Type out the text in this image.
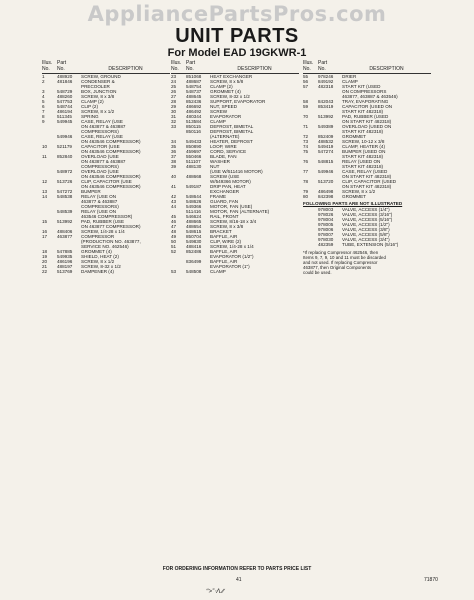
AppliancePartsPros.com
UNIT PARTS
For Model EAD 19GKWR-1
Illus. Part
No.	No.	DESCRIPTION
1	488920	SCREW, GROUND
2	481846	CONDENSER &
PRECOOLER
3	548729	BOX, JUNCTION
4	488260	SCREW, 8 x 3/8
5	547753	CLAMP (2)
6	548744	CLIP (2)
7	486194	SCREW, 8 x 1/2
8	511345	SPRING
9	549945	CASE, RELAY (USE
ON 463877 & 463887
COMPRESSORS)
549946	CASE, RELAY (USE
ON 463546 COMPRESSOR)
10	521179	CAPACITOR (USE
ON 463546 COMPRESSOR)
11	852840	OVERLOAD (USE
ON 463877 & 463887
COMPRESSORS)
548972	OVERLOAD (USE
ON 463546 COMPRESSOR)
12	513726	CLIP, CAPACITOR (USE
ON 463546 COMPRESSOR)
13	547272	BUMPER
14	548538	RELAY (USE ON
463877 & 463887
COMPRESSORS)
548539	RELAY (USE ON
463546 COMPRESSOR)
15	513992	PAD, RUBBER (USE
ON 463877 COMPRESSOR)
16	488406	SCREW, 1/4-28 x 1/4
17	463877	COMPRESSOR
(PRODUCTION NO. 463877,
SERVICE NO. 462546)
18	547885	GROMMET (4)
19	549935	SHIELD, HEAT (2)
20	486196	SCREW, 8 x 1/2
21	488197	SCREW, 8-32 x 1/2
22	513769	DAMPENER (4)
Illus. Part
No.	No.	DESCRIPTION
23	851068	HEAT EXCHANGER
24	488687	SCREW, 8 x 5/8
25	548754	CLAMP (2)
26	548737	GROMMET (4)
27	488645	SCREW, 8-32 x 1/2
28	852436	SUPPORT, EVAPORATOR
29	486692	NUT, SPEED
30	486492	SCREW
31	480344	EVAPORATOR
32	513584	CLAMP
33	850115	DEFROST, BIMETAL
850116	DEFROST, BIMETAL
(ALTERNATE)
34	549433	HEATER, DEFROST
35	850890	LOOP, WIRE
36	459697	CORD, SERVICE
37	550466	BLADE, FAN
38	511107	WASHER
39	488130	NUT
(USE W/511416 MOTOR)
40	488668	SCREW (USE
W/549366 MOTOR)
41	549187	DRIP PAN, HEAT
EXCHANGER
42	548644	FRAME
43	548626	GUARD, FAN
44	549366	MOTOR, FAN (USE)
511416	MOTOR, FAN (ALTERNATE)
45	546624	RAIL, FRONT
46	488665	SCREW, 8/16-18 x 3/4
47	488654	SCREW, 8 x 3/8
48	548615	BRACKET
49	850704	BAFFLE, AIR
50	549830	CLIP, WIRE (2)
51	488416	SCREW, 1/4-28 x 1/4
52	852486	BAFFLE, AIR
EVAPORATOR (1/2")
836499	BAFFLE, AIR
EVAPORATOR (1")
53	548508	CLAMP
Illus. Part
No.	No.	DESCRIPTION
55	978246	DRIER
56	849192	CLAMP
57	482318	START KIT (USED
ON COMPRESSORS
463877, 463887 & 463546)
58	842043	TRAY, EVAPORATING
59	853419	CAPACITOR (USED ON
START KIT 482318)
70	513992	PAD, RUBBER (USED
ON START KIT 482318)
71	549389	OVERLOAD (USED ON
START KIT 482318)
72	852409	GROMMET
73	488532	SCREW, 10-12 x 3/8
74	549419	CLAMP, HEATER (4)
75	547274	BUMPER (USED ON
START KIT 482318)
76	548815	RELAY (USED ON
START KIT 482318)
77	549946	CASE, RELAY (USED
ON START KIT 482318)
78	513720	CLIP, CAPACITOR (USED
ON START KIT 482318)
79	486498	SCREW, 8 x 1/2
80	842398	GROMMET
FOLLOWING PARTS ARE NOT ILLUSTRATED
978003	VALVE, ACCESS (1/4")
978026	VALVE, ACCESS (3/16")
978004	VALVE, ACCESS (5/16")
978005	VALVE, ACCESS (1/2")
978006	VALVE, ACCESS (3/8")
978007	VALVE, ACCESS (5/8")
978030	VALVE, ACCESS (3/4")
482359	TUBE, EXTENSION (5/16")
*If replacing Compressor 462546, then
Items 9, 7, 9, 10 and 11 must be discarded
and not used. If replacing Compressor
463877, then Original Components
could be used.
FOR ORDERING INFORMATION REFER TO PARTS PRICE LIST
41	71870
‘‘>’’⋅Λ.∕∕
